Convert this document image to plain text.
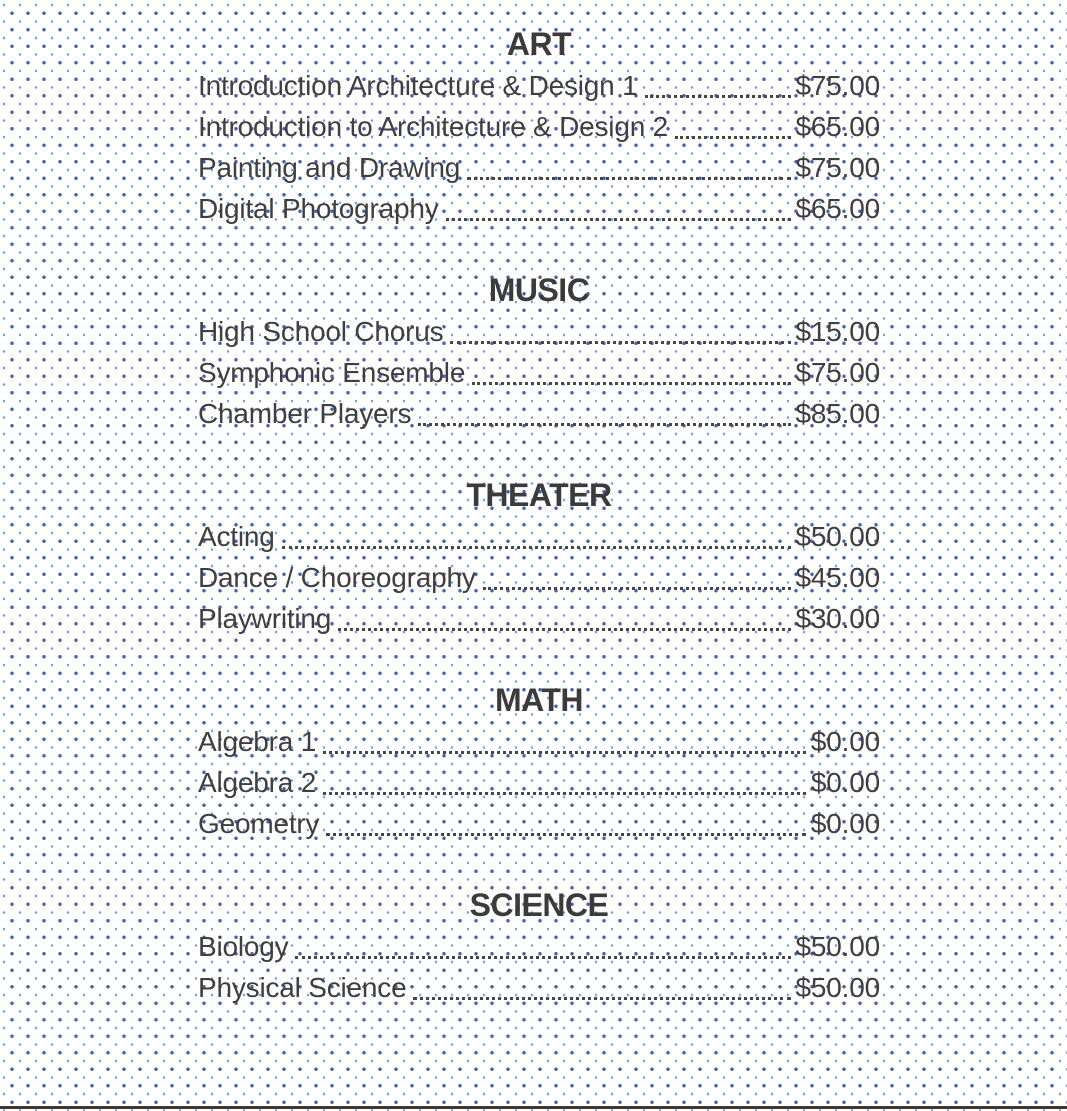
ART
Introduction Architecture & Design 1	$75.00
Introduction to Architecture & Design 2	$65.00
Painting and Drawing	$75.00
Digital Photography	$65.00
MUSIC
High School Chorus	$15.00
Symphonic Ensemble	$75.00
Chamber Players	$85.00
THEATER
Acting	$50.00
Dance / Choreography	$45.00
Playwriting	$30.00
MATH
Algebra 1	$0.00
Algebra 2	$0.00
Geometry	$0.00
SCIENCE
Biology	$50.00
Physical Science	$50.00
